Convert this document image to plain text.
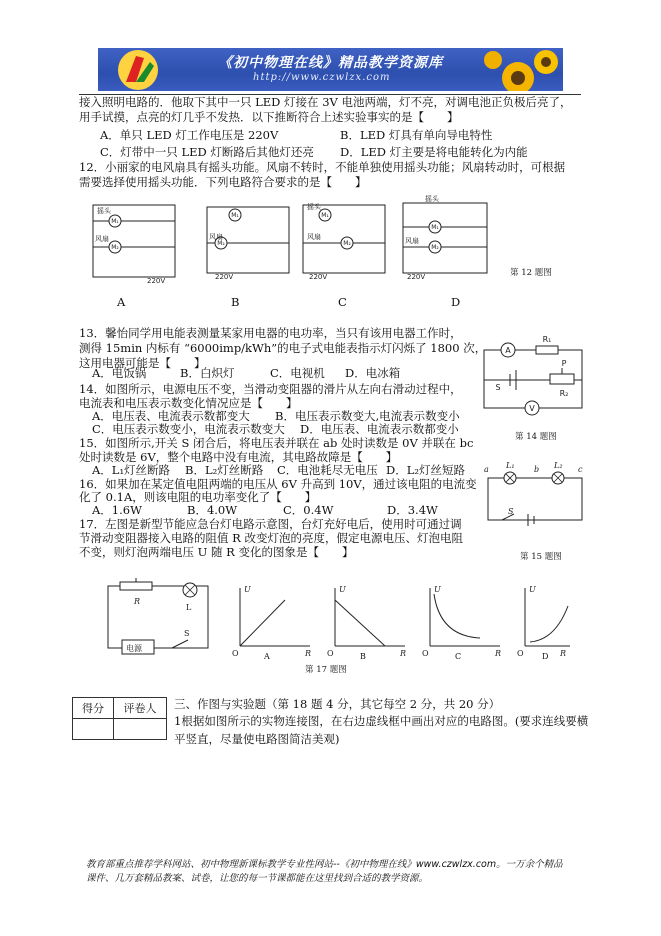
《初中物理在线》精品教学资源库
http://www.czwlzx.com
接入照明电路的．他取下其中一只 LED 灯接在 3V 电池两端，灯不亮，对调电池正负极后亮了，
用手试摸，点亮的灯几乎不发热．以下推断符合上述实验事实的是【　　】
A．单只 LED 灯工作电压是 220V	B．LED 灯具有单向导电特性
C．灯带中一只 LED 灯断路后其他灯还亮 D．LED 灯主要是将电能转化为内能
12．小丽家的电风扇具有摇头功能。风扇不转时，不能单独使用摇头功能；风扇转动时，可根据
需要选择使用摇头功能．下列电路符合要求的是【　　】
M₁
M₂
M₁
M₂
M₁
M₂
M₁
M₂
摇头
风扇
220V
风扇
220V
摇头
风扇
220V
摇头
风扇
220V	第 12 题图
A	B	C	D
13．馨怡同学用电能表测量某家用电器的电功率，当只有该用电器工作时，
测得 15min 内标有 “6000imp/kWh”的电子式电能表指示灯闪烁了 1800 次，
这用电器可能是【　　】
A．电饭锅	B．白炽灯	C．电视机 D．电冰箱
A
R₁
P
S
R₂
V
第 14 题图
14．如图所示，电源电压不变，当滑动变阻器的滑片从左向右滑动过程中，
电流表和电压表示数变化情况应是【　　】
A．电压表、电流表示数都变大 B．电压表示数变大,电流表示数变小
C．电压表示数变小，电流表示数变大 D．电压表、电流表示数都变小
15．如图所示,开关 S 闭合后，将电压表并联在 ab 处时读数是 0V 并联在 bc
处时读数是 6V，整个电路中没有电流，其电路故障是【　　】
A．L₁灯丝断路 B．L₂灯丝断路 C．电池耗尽无电压 D．L₂灯丝短路 a L₁ b L₂ c
S
第 15 题图
16．如果加在某定值电阻两端的电压从 6V 升高到 10V，通过该电阻的电流变
化了 0.1A，则该电阻的电功率变化了【　　】
A．1.6W	B．4.0W	C．0.4W	D．3.4W
17．左图是新型节能应急台灯电路示意图，台灯充好电后，使用时可通过调
节滑动变阻器接入电路的阻值 R 改变灯泡的亮度，假定电源电压、灯泡电阻
不变，则灯泡两端电压 U 随 R 变化的图象是【　　】
R
L
电源
S
U
O	R
U
O	R
U
O	R
U
O	R
A	B	C	D
第 17 题图
得分	评卷人
	三、作图与实验题（第 18 题 4 分，其它每空 2 分，共 20 分）
1根据如图所示的实物连接图，在右边虚线框中画出对应的电路图。(要求连线要横
平竖直，尽量使电路图简洁美观)
教育部重点推荐学科网站、初中物理新课标教学专业性网站--《初中物理在线》www.czwlzx.com。一万余个精品
课件、几万套精品教案、试卷，让您的每一节课都能在这里找到合适的教学资源。
